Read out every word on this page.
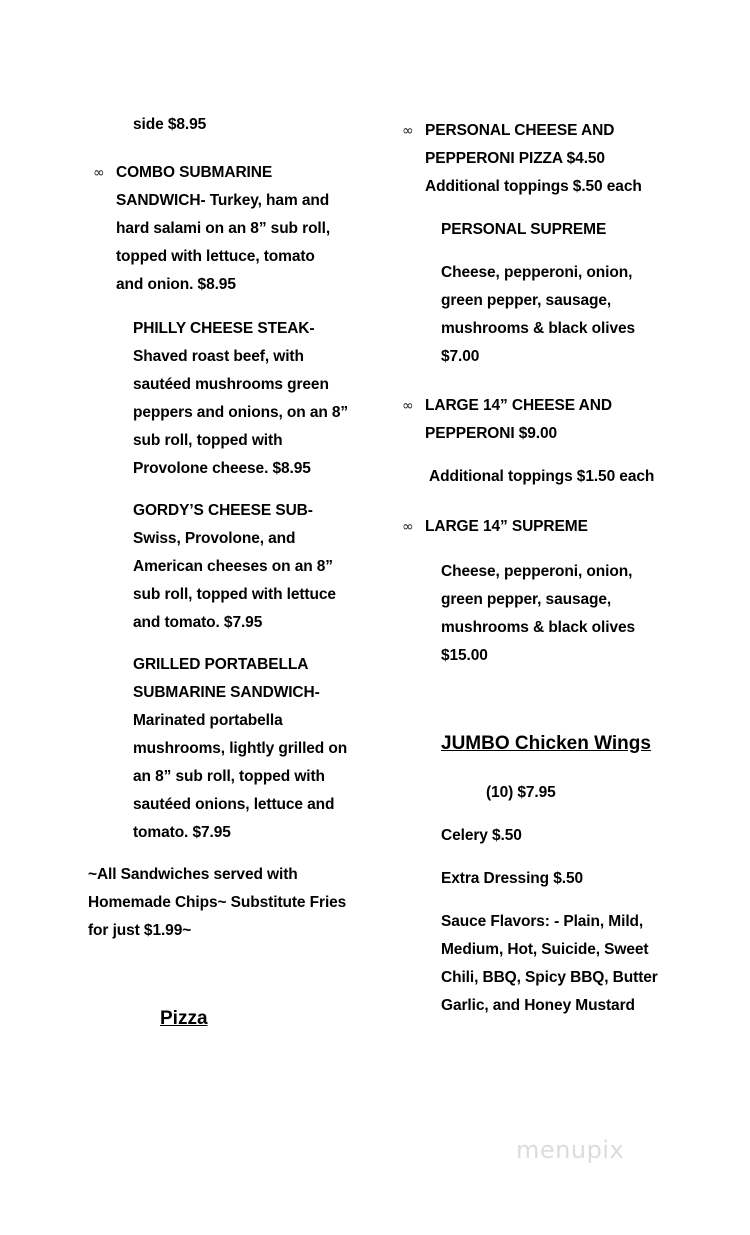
side $8.95
∞ COMBO SUBMARINE
SANDWICH- Turkey, ham and
hard salami on an 8” sub roll,
topped with lettuce, tomato
and onion. $8.95
PHILLY CHEESE STEAK-
Shaved roast beef, with
sautéed mushrooms green
peppers and onions, on an 8”
sub roll, topped with
Provolone cheese. $8.95
GORDY’S CHEESE SUB-
Swiss, Provolone, and
American cheeses on an 8”
sub roll, topped with lettuce
and tomato. $7.95
GRILLED PORTABELLA
SUBMARINE SANDWICH-
Marinated portabella
mushrooms, lightly grilled on
an 8” sub roll, topped with
sautéed onions, lettuce and
tomato. $7.95
~All Sandwiches served with
Homemade Chips~ Substitute Fries
for just $1.99~
Pizza
∞ PERSONAL CHEESE AND
PEPPERONI PIZZA $4.50
Additional toppings $.50 each
PERSONAL SUPREME
Cheese, pepperoni, onion,
green pepper, sausage,
mushrooms & black olives
$7.00
∞ LARGE 14” CHEESE AND
PEPPERONI $9.00
Additional toppings $1.50 each
∞ LARGE 14” SUPREME
Cheese, pepperoni, onion,
green pepper, sausage,
mushrooms & black olives
$15.00
JUMBO Chicken Wings
(10) $7.95
Celery $.50
Extra Dressing $.50
Sauce Flavors: - Plain, Mild,
Medium, Hot, Suicide, Sweet
Chili, BBQ, Spicy BBQ, Butter
Garlic, and Honey Mustard
menupix
